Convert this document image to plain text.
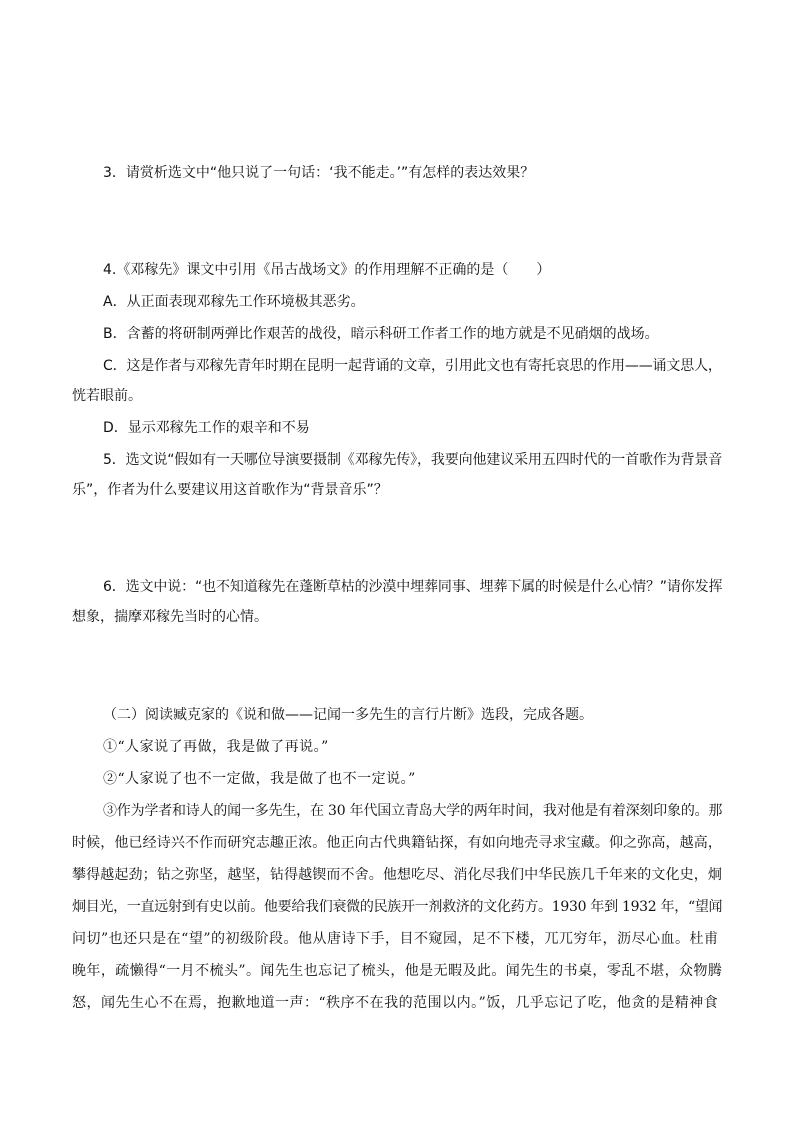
3．请赏析选文中“他只说了一句话：‘我不能走。’”有怎样的表达效果？
4.《邓稼先》课文中引用《吊古战场文》的作用理解不正确的是（　　）
A．从正面表现邓稼先工作环境极其恶劣。
B．含蓄的将研制两弹比作艰苦的战役，暗示科研工作者工作的地方就是不见硝烟的战场。
C．这是作者与邓稼先青年时期在昆明一起背诵的文章，引用此文也有寄托哀思的作用——诵文思人，
恍若眼前。
D．显示邓稼先工作的艰辛和不易
5．选文说“假如有一天哪位导演要摄制《邓稼先传》，我要向他建议采用五四时代的一首歌作为背景音
乐”，作者为什么要建议用这首歌作为“背景音乐”？
6．选文中说：“也不知道稼先在蓬断草枯的沙漠中埋葬同事、埋葬下属的时候是什么心情？”请你发挥
想象，揣摩邓稼先当时的心情。
（二）阅读臧克家的《说和做——记闻一多先生的言行片断》选段，完成各题。
①“人家说了再做，我是做了再说。”
②“人家说了也不一定做，我是做了也不一定说。”
③作为学者和诗人的闻一多先生，在 30 年代国立青岛大学的两年时间，我对他是有着深刻印象的。那
时候，他已经诗兴不作而研究志趣正浓。他正向古代典籍钻探，有如向地壳寻求宝藏。仰之弥高，越高，
攀得越起劲；钻之弥坚，越坚，钻得越锲而不舍。他想吃尽、消化尽我们中华民族几千年来的文化史，炯
炯目光，一直远射到有史以前。他要给我们衰微的民族开一剂救济的文化药方。1930 年到 1932 年，“望闻
问切”也还只是在“望”的初级阶段。他从唐诗下手，目不窥园，足不下楼，兀兀穷年，沥尽心血。杜甫
晚年，疏懒得“一月不梳头”。闻先生也忘记了梳头，他是无暇及此。闻先生的书桌，零乱不堪，众物腾
怒，闻先生心不在焉，抱歉地道一声：“秩序不在我的范围以内。”饭，几乎忘记了吃，他贪的是精神食
